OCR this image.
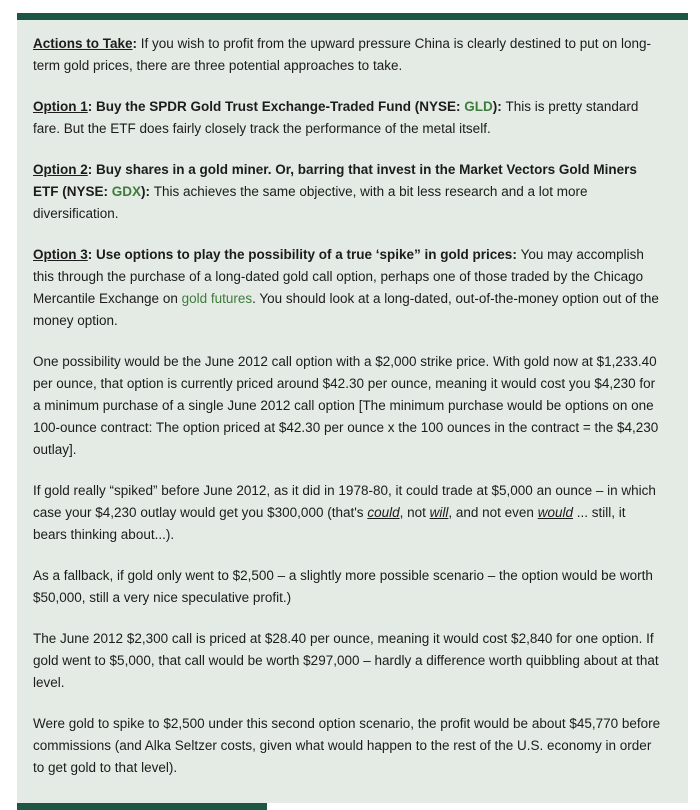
Actions to Take: If you wish to profit from the upward pressure China is clearly destined to put on long-term gold prices, there are three potential approaches to take.

Option 1: Buy the SPDR Gold Trust Exchange-Traded Fund (NYSE: GLD): This is pretty standard fare. But the ETF does fairly closely track the performance of the metal itself.

Option 2: Buy shares in a gold miner. Or, barring that invest in the Market Vectors Gold Miners ETF (NYSE: GDX): This achieves the same objective, with a bit less research and a lot more diversification.

Option 3: Use options to play the possibility of a true ‘spike” in gold prices: You may accomplish this through the purchase of a long-dated gold call option, perhaps one of those traded by the Chicago Mercantile Exchange on gold futures. You should look at a long-dated, out-of-the-money option out of the money option.

One possibility would be the June 2012 call option with a $2,000 strike price. With gold now at $1,233.40 per ounce, that option is currently priced around $42.30 per ounce, meaning it would cost you $4,230 for a minimum purchase of a single June 2012 call option [The minimum purchase would be options on one 100-ounce contract: The option priced at $42.30 per ounce x the 100 ounces in the contract = the $4,230 outlay].

If gold really “spiked” before June 2012, as it did in 1978-80, it could trade at $5,000 an ounce – in which case your $4,230 outlay would get you $300,000 (that's could, not will, and not even would ... still, it bears thinking about...).

As a fallback, if gold only went to $2,500 – a slightly more possible scenario – the option would be worth $50,000, still a very nice speculative profit.)

The June 2012 $2,300 call is priced at $28.40 per ounce, meaning it would cost $2,840 for one option. If gold went to $5,000, that call would be worth $297,000 – hardly a difference worth quibbling about at that level.

Were gold to spike to $2,500 under this second option scenario, the profit would be about $45,770 before commissions (and Alka Seltzer costs, given what would happen to the rest of the U.S. economy in order to get gold to that level).
